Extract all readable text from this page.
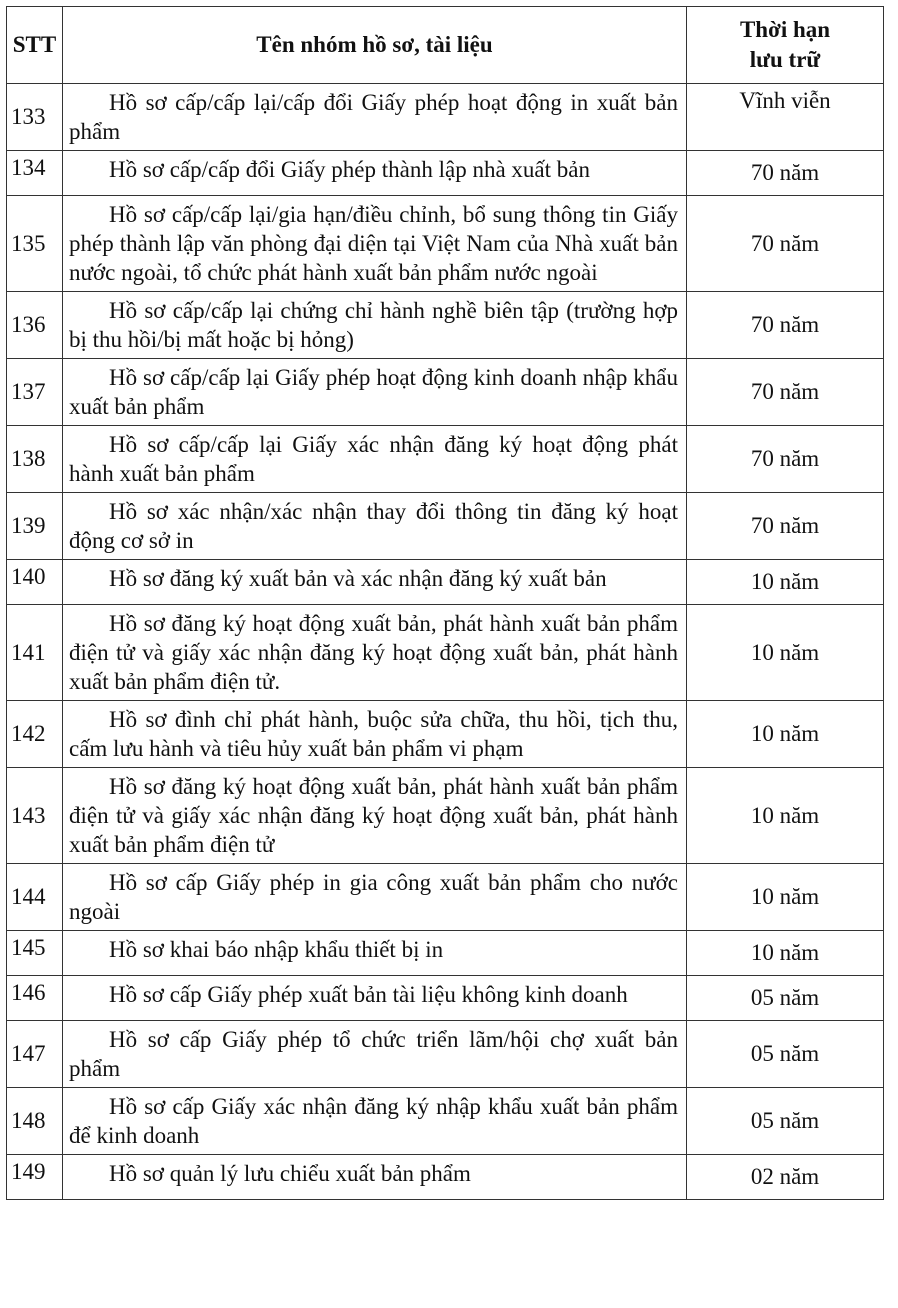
STT	Tên nhóm hồ sơ, tài liệu	Thời hạn
lưu trữ
133	Hồ sơ cấp/cấp lại/cấp đổi Giấy phép hoạt động in xuất bản phẩm	Vĩnh viễn
134	Hồ sơ cấp/cấp đổi Giấy phép thành lập nhà xuất bản	70 năm
135	Hồ sơ cấp/cấp lại/gia hạn/điều chỉnh, bổ sung thông tin Giấy phép thành lập văn phòng đại diện tại Việt Nam của Nhà xuất bản nước ngoài, tổ chức phát hành xuất bản phẩm nước ngoài	70 năm
136	Hồ sơ cấp/cấp lại chứng chỉ hành nghề biên tập (trường hợp bị thu hồi/bị mất hoặc bị hỏng)	70 năm
137	Hồ sơ cấp/cấp lại Giấy phép hoạt động kinh doanh nhập khẩu xuất bản phẩm	70 năm
138	Hồ sơ cấp/cấp lại Giấy xác nhận đăng ký hoạt động phát hành xuất bản phẩm	70 năm
139	Hồ sơ xác nhận/xác nhận thay đổi thông tin đăng ký hoạt động cơ sở in	70 năm
140	Hồ sơ đăng ký xuất bản và xác nhận đăng ký xuất bản	10 năm
141	Hồ sơ đăng ký hoạt động xuất bản, phát hành xuất bản phẩm điện tử và giấy xác nhận đăng ký hoạt động xuất bản, phát hành xuất bản phẩm điện tử.	10 năm
142	Hồ sơ đình chỉ phát hành, buộc sửa chữa, thu hồi, tịch thu, cấm lưu hành và tiêu hủy xuất bản phẩm vi phạm	10 năm
143	Hồ sơ đăng ký hoạt động xuất bản, phát hành xuất bản phẩm điện tử và giấy xác nhận đăng ký hoạt động xuất bản, phát hành xuất bản phẩm điện tử	10 năm
144	Hồ sơ cấp Giấy phép in gia công xuất bản phẩm cho nước ngoài	10 năm
145	Hồ sơ khai báo nhập khẩu thiết bị in	10 năm
146	Hồ sơ cấp Giấy phép xuất bản tài liệu không kinh doanh	05 năm
147	Hồ sơ cấp Giấy phép tổ chức triển lãm/hội chợ xuất bản phẩm	05 năm
148	Hồ sơ cấp Giấy xác nhận đăng ký nhập khẩu xuất bản phẩm để kinh doanh	05 năm
149	Hồ sơ quản lý lưu chiểu xuất bản phẩm	02 năm
